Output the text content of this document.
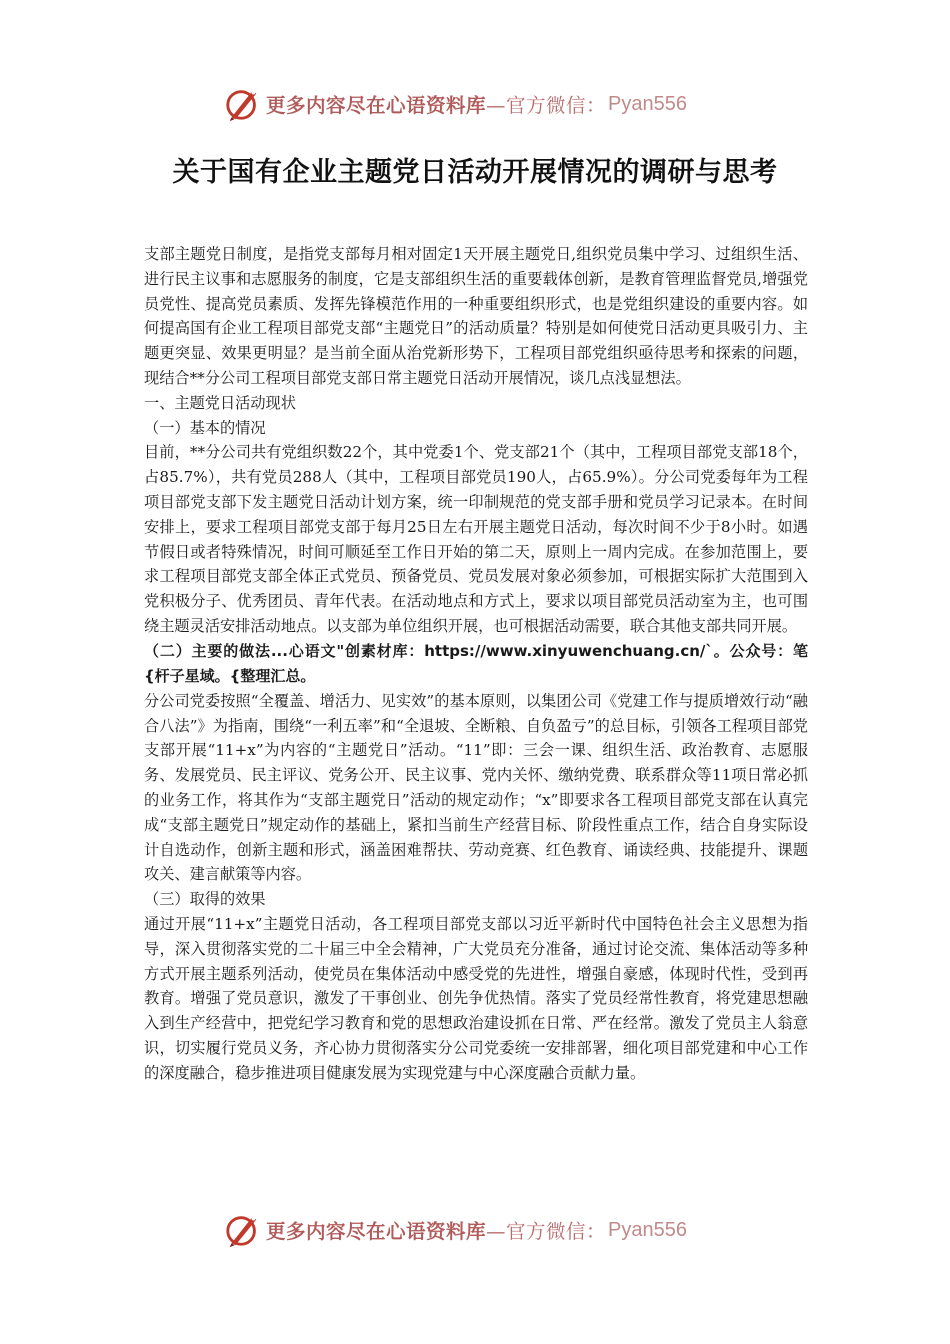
更多内容尽在心语资料库—官方微信： Pyan556
关于国有企业主题党日活动开展情况的调研与思考

支部主题党日制度，是指党支部每月相对固定1天开展主题党日,组织党员集中学习、过组织生活、进行民主议事和志愿服务的制度，它是支部组织生活的重要载体创新，是教育管理监督党员,增强党员党性、提高党员素质、发挥先锋模范作用的一种重要组织形式，也是党组织建设的重要内容。如何提高国有企业工程项目部党支部“主题党日”的活动质量？特别是如何使党日活动更具吸引力、主题更突显、效果更明显？是当前全面从治党新形势下，工程项目部党组织亟待思考和探索的问题，现结合**分公司工程项目部党支部日常主题党日活动开展情况，谈几点浅显想法。

一、主题党日活动现状

（一）基本的情况

目前，**分公司共有党组织数22个，其中党委1个、党支部21个（其中，工程项目部党支部18个，占85.7%），共有党员288人（其中，工程项目部党员190人，占65.9%）。分公司党委每年为工程项目部党支部下发主题党日活动计划方案，统一印制规范的党支部手册和党员学习记录本。在时间安排上，要求工程项目部党支部于每月25日左右开展主题党日活动，每次时间不少于8小时。如遇节假日或者特殊情况，时间可顺延至工作日开始的第二天，原则上一周内完成。在参加范围上，要求工程项目部党支部全体正式党员、预备党员、党员发展对象必须参加，可根据实际扩大范围到入党积极分子、优秀团员、青年代表。在活动地点和方式上，要求以项目部党员活动室为主，也可围绕主题灵活安排活动地点。以支部为单位组织开展，也可根据活动需要，联合其他支部共同开展。

（二）主要的做法...心语文"创素材库：https://www.xinyuwenchuang.cn/`。公众号：笔{杆子星域。{整理汇总。

分公司党委按照“全覆盖、增活力、见实效”的基本原则，以集团公司《党建工作与提质增效行动“融合八法”》为指南，围绕“一利五率”和“全退坡、全断粮、自负盈亏”的总目标，引领各工程项目部党支部开展“11+x”为内容的“主题党日”活动。“11”即：三会一课、组织生活、政治教育、志愿服务、发展党员、民主评议、党务公开、民主议事、党内关怀、缴纳党费、联系群众等11项日常必抓的业务工作，将其作为“支部主题党日”活动的规定动作；“x”即要求各工程项目部党支部在认真完成“支部主题党日”规定动作的基础上，紧扣当前生产经营目标、阶段性重点工作，结合自身实际设计自选动作，创新主题和形式，涵盖困难帮扶、劳动竞赛、红色教育、诵读经典、技能提升、课题攻关、建言献策等内容。

（三）取得的效果

通过开展“11+x”主题党日活动，各工程项目部党支部以习近平新时代中国特色社会主义思想为指导，深入贯彻落实党的二十届三中全会精神，广大党员充分准备，通过讨论交流、集体活动等多种方式开展主题系列活动，使党员在集体活动中感受党的先进性，增强自豪感，体现时代性，受到再教育。增强了党员意识，激发了干事创业、创先争优热情。落实了党员经常性教育，将党建思想融入到生产经营中，把党纪学习教育和党的思想政治建设抓在日常、严在经常。激发了党员主人翁意识，切实履行党员义务，齐心协力贯彻落实分公司党委统一安排部署，细化项目部党建和中心工作的深度融合，稳步推进项目健康发展为实现党建与中心深度融合贡献力量。

更多内容尽在心语资料库—官方微信： Pyan556
